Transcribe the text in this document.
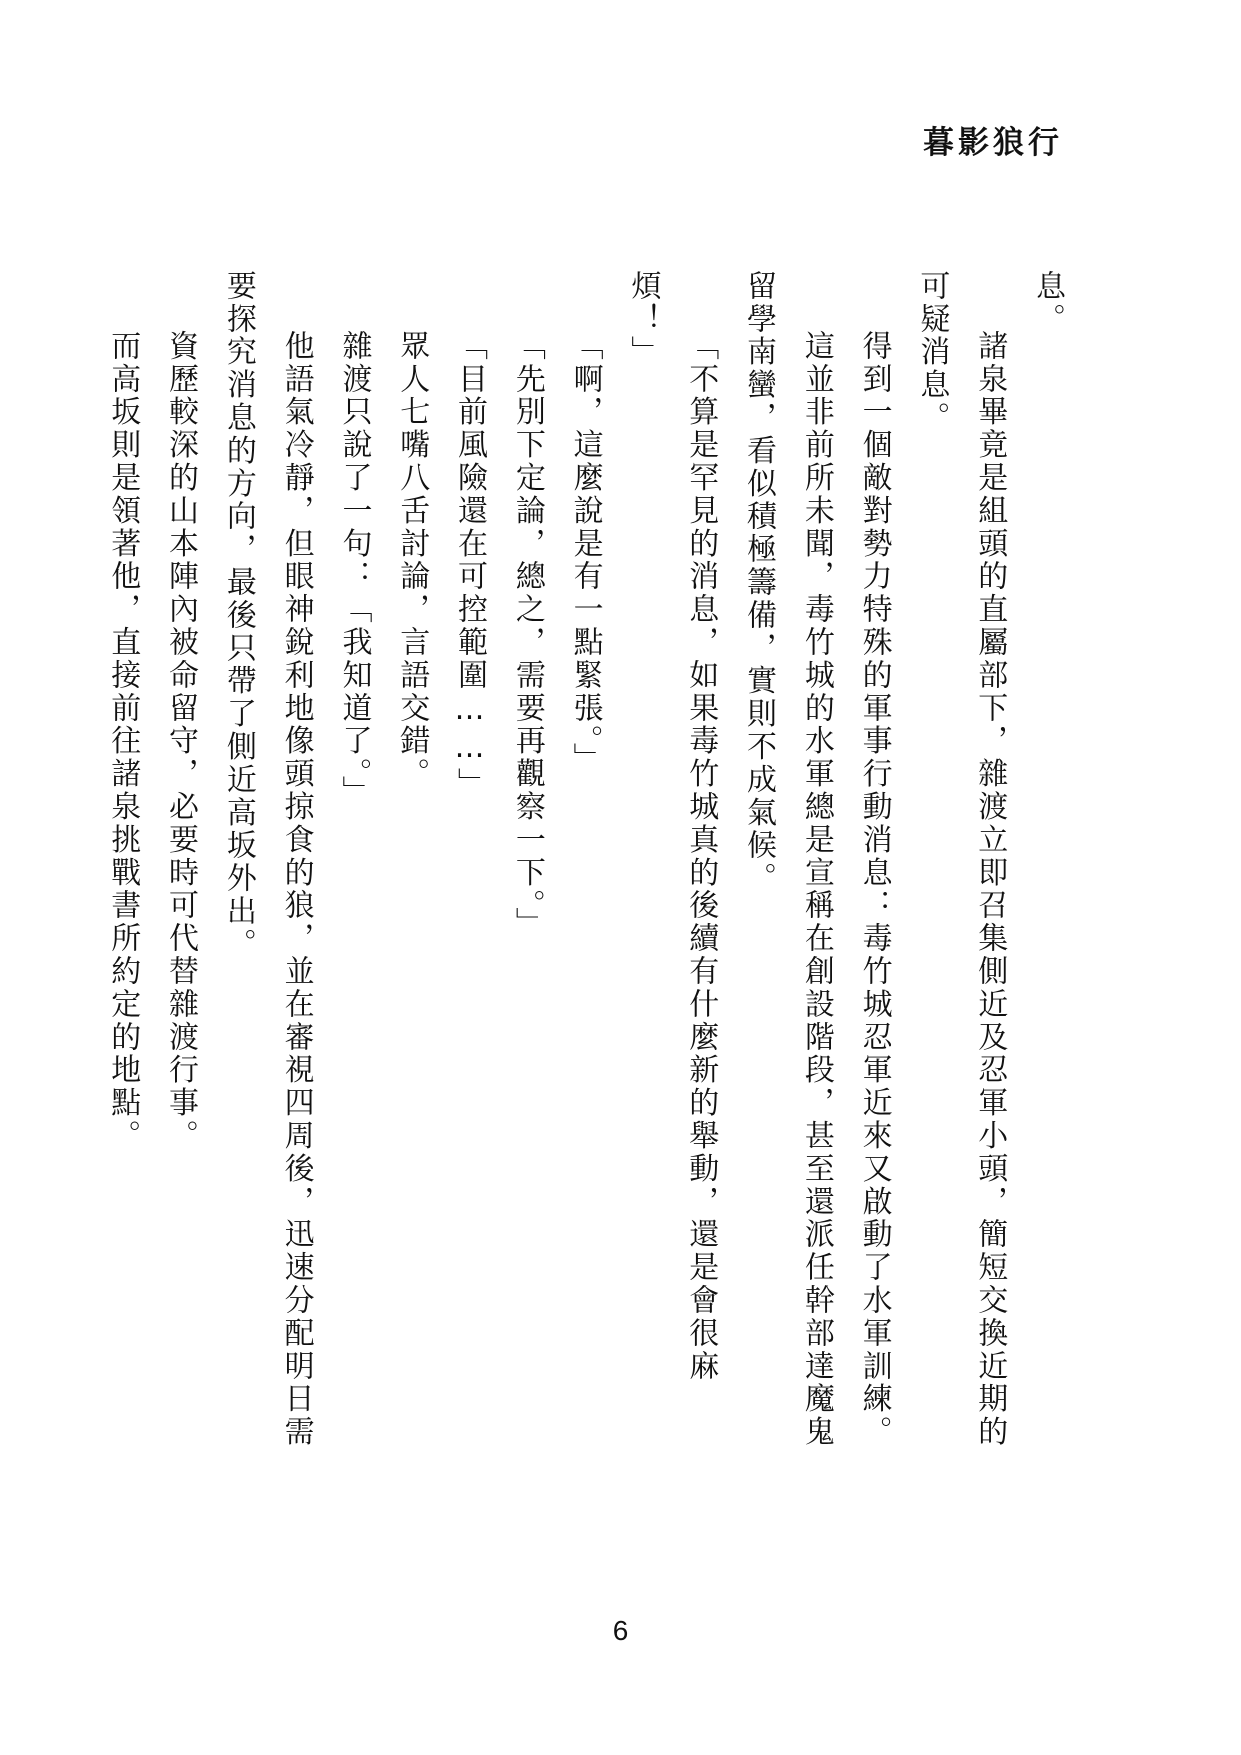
暮影狼行

息。

諸泉畢竟是組頭的直屬部下，雜渡立即召集側近及忍軍小頭，簡短交換近期的可疑消息。

得到一個敵對勢力特殊的軍事行動消息：毒竹城忍軍近來又啟動了水軍訓練。

這並非前所未聞，毒竹城的水軍總是宣稱在創設階段，甚至還派任幹部達魔鬼留學南蠻，看似積極籌備，實則不成氣候。

「不算是罕見的消息，如果毒竹城真的後續有什麼新的舉動，還是會很麻煩！」

「啊，這麼說是有一點緊張。」

「先別下定論，總之，需要再觀察一下。」

「目前風險還在可控範圍……」

眾人七嘴八舌討論，言語交錯。

雜渡只說了一句：「我知道了。」

他語氣冷靜，但眼神銳利地像頭掠食的狼，並在審視四周後，迅速分配明日需要探究消息的方向，最後只帶了側近高坂外出。

資歷較深的山本陣內被命留守，必要時可代替雜渡行事。

而高坂則是領著他，直接前往諸泉挑戰書所約定的地點。

6
